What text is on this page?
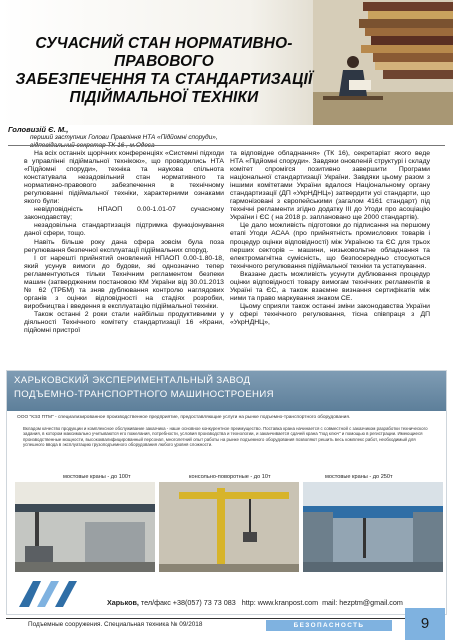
СУЧАСНИЙ СТАН НОРМАТИВНО-ПРАВОВОГО
ЗАБЕЗПЕЧЕННЯ ТА СТАНДАРТИЗАЦІЇ
ПІДІЙМАЛЬНОЇ ТЕХНІКИ
Головизій Є. М.,
перший заступник Голови Правління НТА «Підйомні споруди»,

На всіх останніх щорічних конференціях «Системні підходи в управлінні підіймальної технікою», що проводились НТА «Підйомні споруди», техніка та наукова спільнота констатувала незадовільний стан нормативного та нормативно-правового забезпечення в технічному регулюванні підіймальної техніки, характерними ознаками якого були:

невідповідність НПАОП 0.00-1.01-07 сучасному законодавству;

незадовільна стандартизація підтримка функціонування даної сфери, тощо.

Навіть більше року дана сфера зовсім була поза регулювання безпечної експлуатації підіймальних споруд.

І от нарешті прийнятий оновлений НПАОП 0.00-1.80-18, який усунув вимоги до будови, які однозначно тепер регламентуються тільки Технічним регламентом безпеки машин (затвердженим постановою КМ України від 30.01.2013 № 62 (ТРБМ) та зняв дублювання контролю наглядових органів з оцінки відповідності на стадіях розробки, виробництва і введення в експлуатацію підіймальної техніки.

Також останні 2 роки стали найбільш продуктивними у діяльності Технічного комітету стандартизації 16 «Крани, підйомні пристрої

та відповідне обладнання» (ТК 16), секретаріат якого веде НТА «Підйомні споруди». Завдяки оновленій структурі і складу комітет спромігся позитивно завершити Програми національної стандартизації України. Завдяки цьому разом з іншими комітетами України вдалося Національному органу стандартизації (ДП «УкрНДНЦ») затвердити усі стандарти, що гармонізовані з європейськими (загалом 4161 стандарт) під технічні регламенти згідно додатку ІІІ до Угоди про асоціацію України і ЄС ( на 2018 р. заплановано ще 2000 стандартів).

Це дало можливість підготовки до підписання на першому етапі Угоди АСАА (про прийнятність промислових товарів і процедур оцінки відповідності) між Україною та ЄС для трьох перших секторів – машини, низьковольтне обладнання та електромагнітна сумісність, що безпосередньо стосуються технічного регулювання підіймальної техніки та устаткування.

Вказане дасть можливість усунути дублювання процедур оцінки відповідності товару вимогам технічних регламентів в Україні та ЄС, а також взаємне визнання сертифікатів між ними та право маркування знаком СЕ.

Цьому сприяли також останні зміни законодавства України у сфері технічного регулювання, тісна співпраця з ДП «УкрНДНЦ»,

ХАРЬКОВСКИЙ ЭКСПЕРИМЕНТАЛЬНЫЙ ЗАВОД
ПОДЪЕМНО-ТРАНСПОРТНОГО МАШИНОСТРОЕНИЯ
ООО "КЭЗ ПТМ" - специализированное производственное предприятие, предоставляющие услуги на рынке подъемно-транспортного оборудования.
Вкладом качество продукции и комплексное обслуживание заказчика - наше основное конкурентное преимущество. Поставка крана начинается с совместной с заказчиком разработки технического задания, в котором максимально учитываются его пожелания, потребности, условия производства и технологии, и заканчивается сдачей крана "под ключ" и помощью в регистрации. Имеющиеся производственные мощности, высококвалифицированный персонал, многолетний опыт работы на рынке подъемного оборудования позволяют решить весь комплекс работ, необходимый для успешного ввода в эксплуатацию грузоподъемного оборудования любого уровня сложности.
мостовые краны - до 100т	консольно-поворотные - до 10т	мостовые краны - до 250т
Харьков, тел/факс +38(057) 73 73 083 http: www.kranpost.com mail: hezptm@gmail.com
Подъемные сооружения. Специальная техника № 09/2018	БЕЗОПАСНОСТЬ	9
